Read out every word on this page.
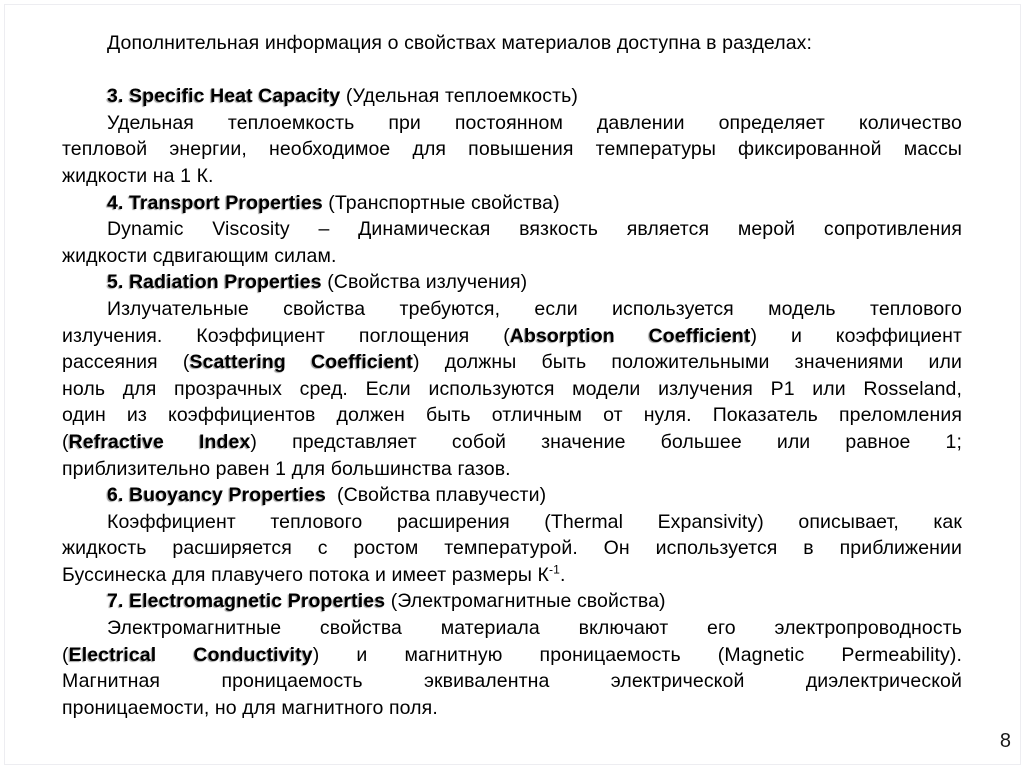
Дополнительная информация о свойствах материалов доступна в разделах:
3. Specific Heat Capacity (Удельная теплоемкость)
Удельная теплоемкость при постоянном давлении определяет количество
тепловой энергии, необходимое для повышения температуры фиксированной массы
жидкости на 1 К.
4. Transport Properties (Транспортные свойства)
Dynamic Viscosity – Динамическая вязкость является мерой сопротивления
жидкости сдвигающим силам.
5. Radiation Properties (Свойства излучения)
Излучательные свойства требуются, если используется модель теплового
излучения. Коэффициент поглощения (Absorption Coefficient) и коэффициент
рассеяния (Scattering Coefficient) должны быть положительными значениями или
ноль для прозрачных сред. Если используются модели излучения P1 или Rosseland,
один из коэффициентов должен быть отличным от нуля. Показатель преломления
(Refractive Index) представляет собой значение большее или равное 1;
приблизительно равен 1 для большинства газов.
6. Buoyancy Properties  (Свойства плавучести)
Коэффициент теплового расширения (Thermal Expansivity) описывает, как
жидкость расширяется с ростом температурой. Он используется в приближении
Буссинеска для плавучего потока и имеет размеры $К^{-1}$.
7. Electromagnetic Properties (Электромагнитные свойства)
Электромагнитные свойства материала включают его электропроводность
(Electrical Conductivity) и магнитную проницаемость (Magnetic Permeability).
Магнитная проницаемость эквивалентна электрической диэлектрической
проницаемости, но для магнитного поля.
8
